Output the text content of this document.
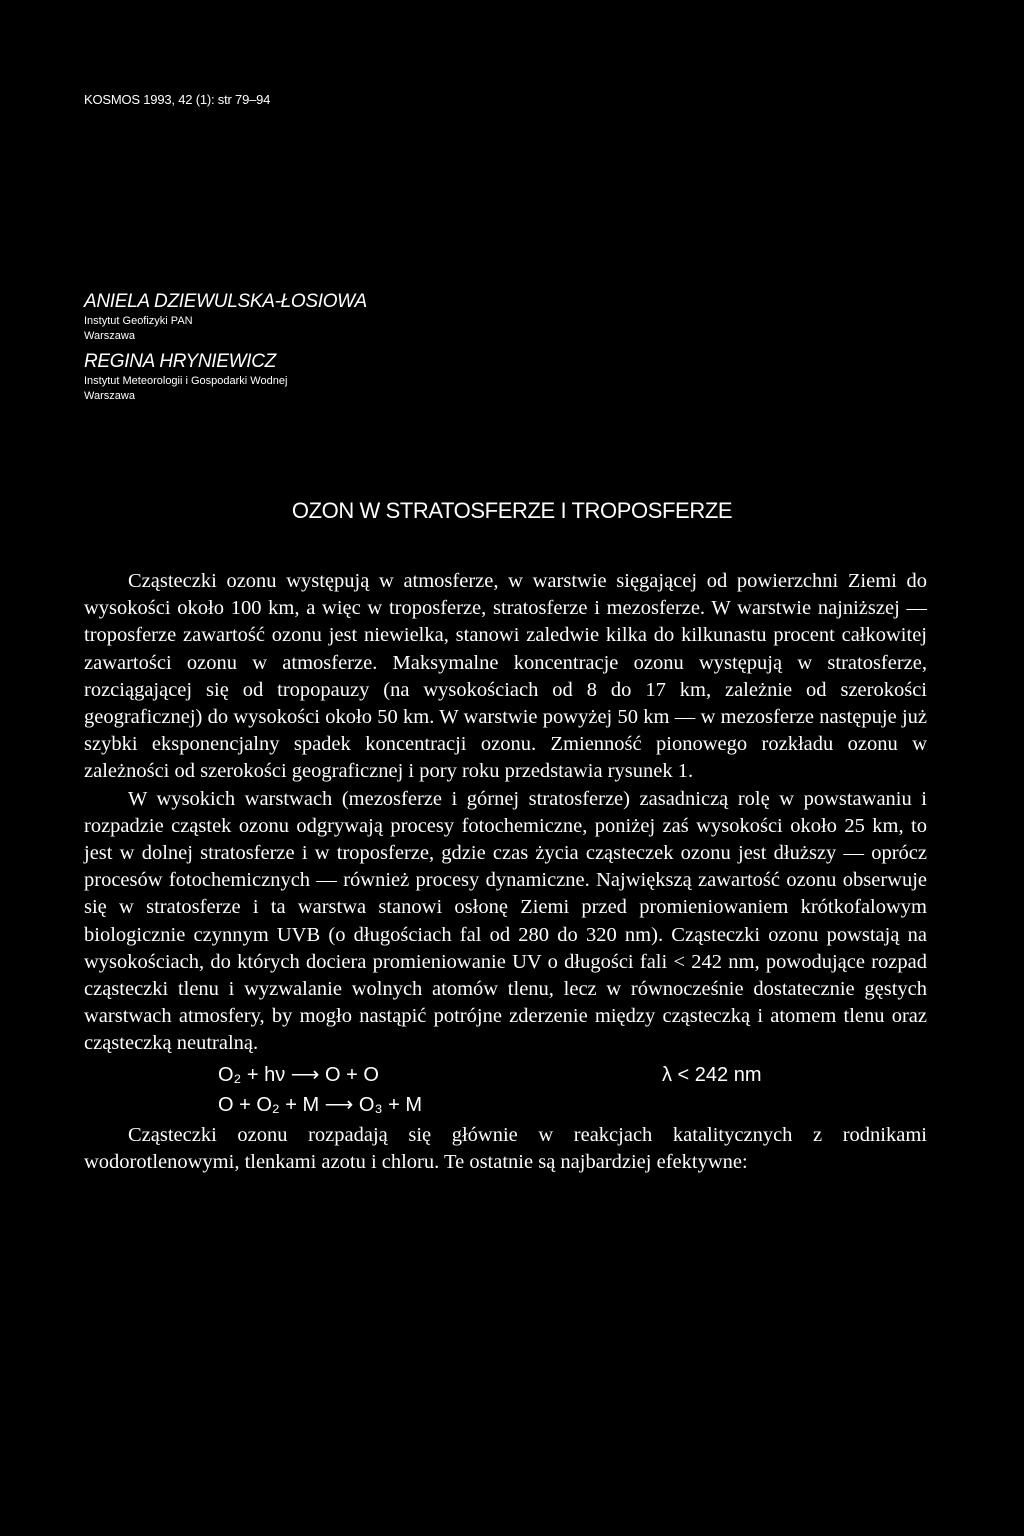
KOSMOS 1993, 42 (1): str 79–94
ANIELA DZIEWULSKA-ŁOSIOWA
Instytut Geofizyki PAN
Warszawa
REGINA HRYNIEWICZ
Instytut Meteorologii i Gospodarki Wodnej
Warszawa
OZON W STRATOSFERZE I TROPOSFERZE

Cząsteczki ozonu występują w atmosferze, w warstwie sięgającej od powierzchni Ziemi do wysokości około 100 km, a więc w troposferze, stratosferze i mezosferze. W warstwie najniższej — troposferze zawartość ozonu jest niewielka, stanowi zaledwie kilka do kilkunastu procent całkowitej zawartości ozonu w atmosferze. Maksymalne koncentracje ozonu występują w stratosferze, rozciągającej się od tropopauzy (na wysokościach od 8 do 17 km, zależnie od szerokości geograficznej) do wysokości około 50 km. W warstwie powyżej 50 km — w mezosferze następuje już szybki eksponencjalny spadek koncentracji ozonu. Zmienność pionowego rozkładu ozonu w zależności od szerokości geograficznej i pory roku przedstawia rysunek 1.

W wysokich warstwach (mezosferze i górnej stratosferze) zasadniczą rolę w powstawaniu i rozpadzie cząstek ozonu odgrywają procesy fotochemiczne, poniżej zaś wysokości około 25 km, to jest w dolnej stratosferze i w troposferze, gdzie czas życia cząsteczek ozonu jest dłuższy — oprócz procesów fotochemicznych — również procesy dynamiczne. Największą zawartość ozonu obserwuje się w stratosferze i ta warstwa stanowi osłonę Ziemi przed promieniowaniem krótkofalowym biologicznie czynnym UVB (o długościach fal od 280 do 320 nm). Cząsteczki ozonu powstają na wysokościach, do których dociera promieniowanie UV o długości fali < 242 nm, powodujące rozpad cząsteczki tlenu i wyzwalanie wolnych atomów tlenu, lecz w równocześnie dostatecznie gęstych warstwach atmosfery, by mogło nastąpić potrójne zderzenie między cząsteczką i atomem tlenu oraz cząsteczką neutralną.

O₂ + hν ⟶ O + O	λ < 242 nm
O + O₂ + M ⟶ O₃ + M

Cząsteczki ozonu rozpadają się głównie w reakcjach katalitycznych z rodnikami wodorotlenowymi, tlenkami azotu i chloru. Te ostatnie są najbardziej efektywne:
